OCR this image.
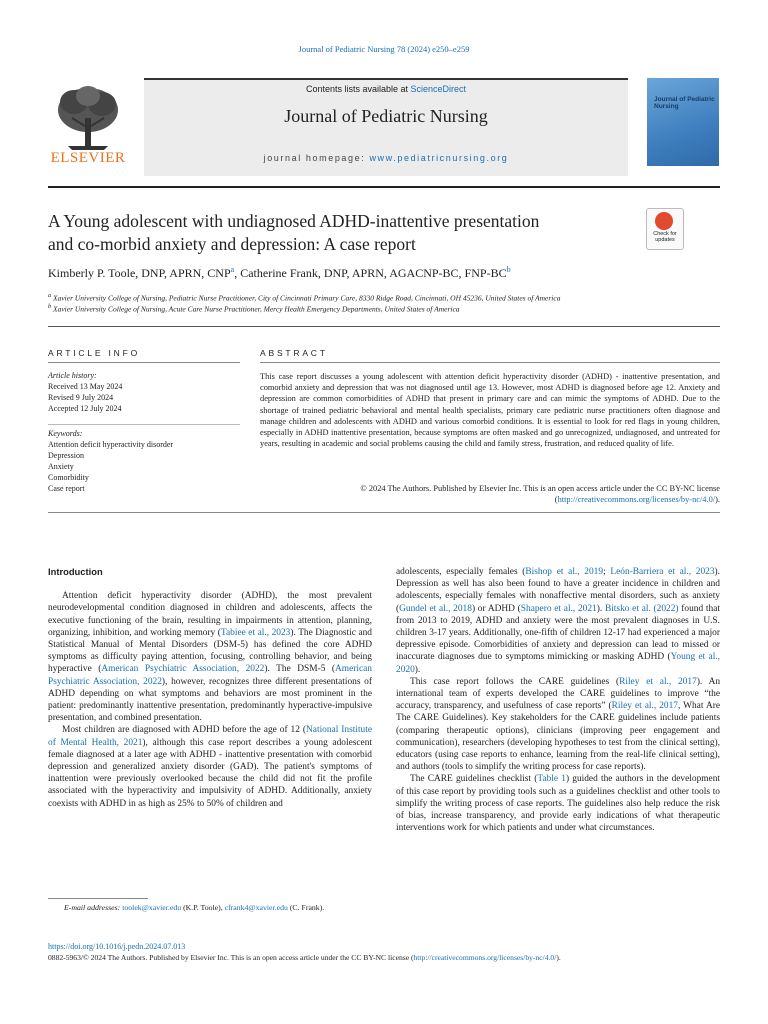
Journal of Pediatric Nursing 78 (2024) e250–e259
ELSEVIER
Contents lists available at ScienceDirect
Journal of Pediatric Nursing
journal homepage: www.pediatricnursing.org
Journal of Pediatric Nursing
A Young adolescent with undiagnosed ADHD-inattentive presentation
and co-morbid anxiety and depression: A case report
Check for updates
Kimberly P. Toole, DNP, APRN, CNP$^a$, Catherine Frank, DNP, APRN, AGACNP-BC, FNP-$BC^b$
$^a$ Xavier University College of Nursing, Pediatric Nurse Practitioner, City of Cincinnati Primary Care, 8330 Ridge Road, Cincinnati, OH 45236, United States of America
$^b$ Xavier University College of Nursing, Acute Care Nurse Practitioner, Mercy Health Emergency Departments, United States of America
ARTICLE INFO	ABSTRACT
Article history:
Received 13 May 2024
Revised 9 July 2024
Accepted 12 July 2024
Keywords:
Attention deficit hyperactivity disorder
Depression
Anxiety
Comorbidity
Case report
This case report discusses a young adolescent with attention deficit hyperactivity disorder (ADHD) - inattentive presentation, and comorbid anxiety and depression that was not diagnosed until age 13. However, most ADHD is diagnosed before age 12. Anxiety and depression are common comorbidities of ADHD that present in primary care and can mimic the symptoms of ADHD. Due to the shortage of trained pediatric behavioral and mental health specialists, primary care pediatric nurse practitioners often diagnose and manage children and adolescents with ADHD and various comorbid conditions. It is essential to look for red flags in young children, especially in ADHD inattentive presentation, because symptoms are often masked and go unrecognized, undiagnosed, and untreated for years, resulting in academic and social problems causing the child and family stress, frustration, and reduced quality of life.
© 2024 The Authors. Published by Elsevier Inc. This is an open access article under the CC BY-NC license (http://creativecommons.org/licenses/by-nc/4.0/).

Introduction

Attention deficit hyperactivity disorder (ADHD), the most prevalent neurodevelopmental condition diagnosed in children and adolescents, affects the executive functioning of the brain, resulting in impairments in attention, planning, organizing, inhibition, and working memory (Tabiee et al., 2023). The Diagnostic and Statistical Manual of Mental Disorders (DSM-5) has defined the core ADHD symptoms as difficulty paying attention, focusing, controlling behavior, and being hyperactive (American Psychiatric Association, 2022). The DSM-5 (American Psychiatric Association, 2022), however, recognizes three different presentations of ADHD depending on what symptoms and behaviors are most prominent in the patient: predominantly inattentive presentation, predominantly hyperactive-impulsive presentation, and combined presentation.

Most children are diagnosed with ADHD before the age of 12 (National Institute of Mental Health, 2021), although this case report describes a young adolescent female diagnosed at a later age with ADHD - inattentive presentation with comorbid depression and generalized anxiety disorder (GAD). The patient's symptoms of inattention were previously overlooked because the child did not fit the profile associated with the hyperactivity and impulsivity of ADHD. Additionally, anxiety coexists with ADHD in as high as 25% to 50% of children and

adolescents, especially females (Bishop et al., 2019; León-Barriera et al., 2023). Depression as well has also been found to have a greater incidence in children and adolescents, especially females with nonaffective mental disorders, such as anxiety (Gundel et al., 2018) or ADHD (Shapero et al., 2021). Bitsko et al. (2022) found that from 2013 to 2019, ADHD and anxiety were the most prevalent diagnoses in U.S. children 3-17 years. Additionally, one-fifth of children 12-17 had experienced a major depressive episode. Comorbidities of anxiety and depression can lead to missed or inaccurate diagnoses due to symptoms mimicking or masking ADHD (Young et al., 2020).

This case report follows the CARE guidelines (Riley et al., 2017). An international team of experts developed the CARE guidelines to improve “the accuracy, transparency, and usefulness of case reports” (Riley et al., 2017, What Are The CARE Guidelines). Key stakeholders for the CARE guidelines include patients (comparing therapeutic options), clinicians (improving peer engagement and communication), researchers (developing hypotheses to test from the clinical setting), educators (using case reports to enhance, learning from the real-life clinical setting), and authors (tools to simplify the writing process for case reports).

The CARE guidelines checklist (Table 1) guided the authors in the development of this case report by providing tools such as a guidelines checklist and other tools to simplify the writing process of case reports. The guidelines also help reduce the risk of bias, increase transparency, and provide early indications of what therapeutic interventions work for which patients and under what circumstances.

E-mail addresses: toolek@xavier.edu (K.P. Toole), cfrank4@xavier.edu (C. Frank).
https://doi.org/10.1016/j.pedn.2024.07.013
0882-5963/© 2024 The Authors. Published by Elsevier Inc. This is an open access article under the CC BY-NC license (http://creativecommons.org/licenses/by-nc/4.0/).
